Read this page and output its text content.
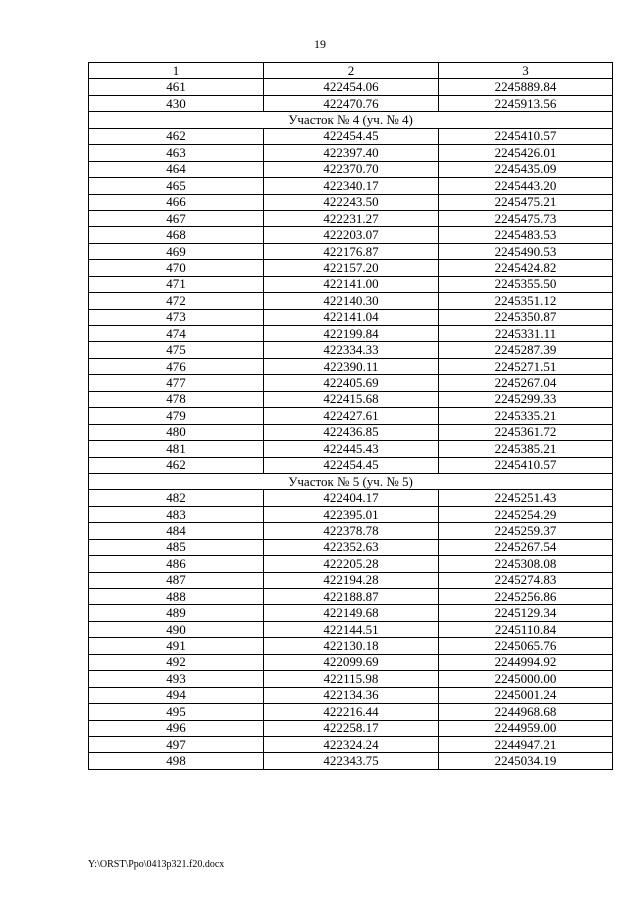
19
1	2	3
461	422454.06	2245889.84
430	422470.76	2245913.56
Участок № 4 (уч. № 4)		
462	422454.45	2245410.57
463	422397.40	2245426.01
464	422370.70	2245435.09
465	422340.17	2245443.20
466	422243.50	2245475.21
467	422231.27	2245475.73
468	422203.07	2245483.53
469	422176.87	2245490.53
470	422157.20	2245424.82
471	422141.00	2245355.50
472	422140.30	2245351.12
473	422141.04	2245350.87
474	422199.84	2245331.11
475	422334.33	2245287.39
476	422390.11	2245271.51
477	422405.69	2245267.04
478	422415.68	2245299.33
479	422427.61	2245335.21
480	422436.85	2245361.72
481	422445.43	2245385.21
462	422454.45	2245410.57
Участок № 5 (уч. № 5)		
482	422404.17	2245251.43
483	422395.01	2245254.29
484	422378.78	2245259.37
485	422352.63	2245267.54
486	422205.28	2245308.08
487	422194.28	2245274.83
488	422188.87	2245256.86
489	422149.68	2245129.34
490	422144.51	2245110.84
491	422130.18	2245065.76
492	422099.69	2244994.92
493	422115.98	2245000.00
494	422134.36	2245001.24
495	422216.44	2244968.68
496	422258.17	2244959.00
497	422324.24	2244947.21
498	422343.75	2245034.19
Y:\ORST\Ppo\0413p321.f20.docx
